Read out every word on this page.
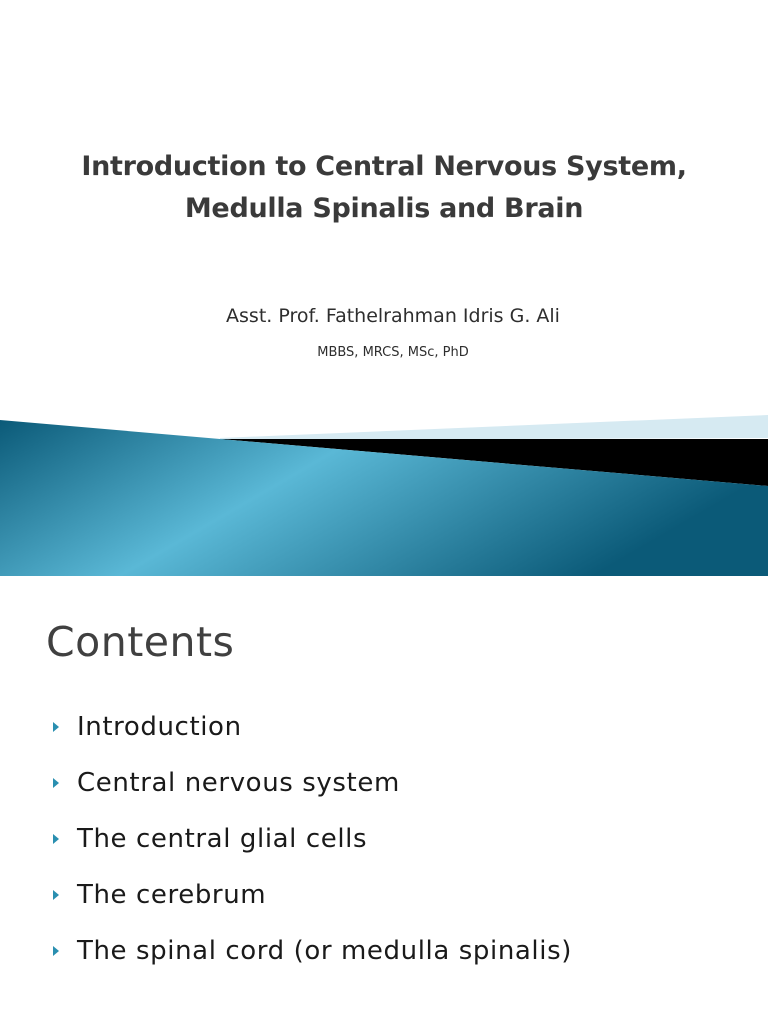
Introduction to Central Nervous System,
Medulla Spinalis and Brain
Asst. Prof. Fathelrahman Idris G. Ali
MBBS, MRCS, MSc, PhD
Contents
Introduction
Central nervous system
The central glial cells
The cerebrum
The spinal cord (or medulla spinalis)
